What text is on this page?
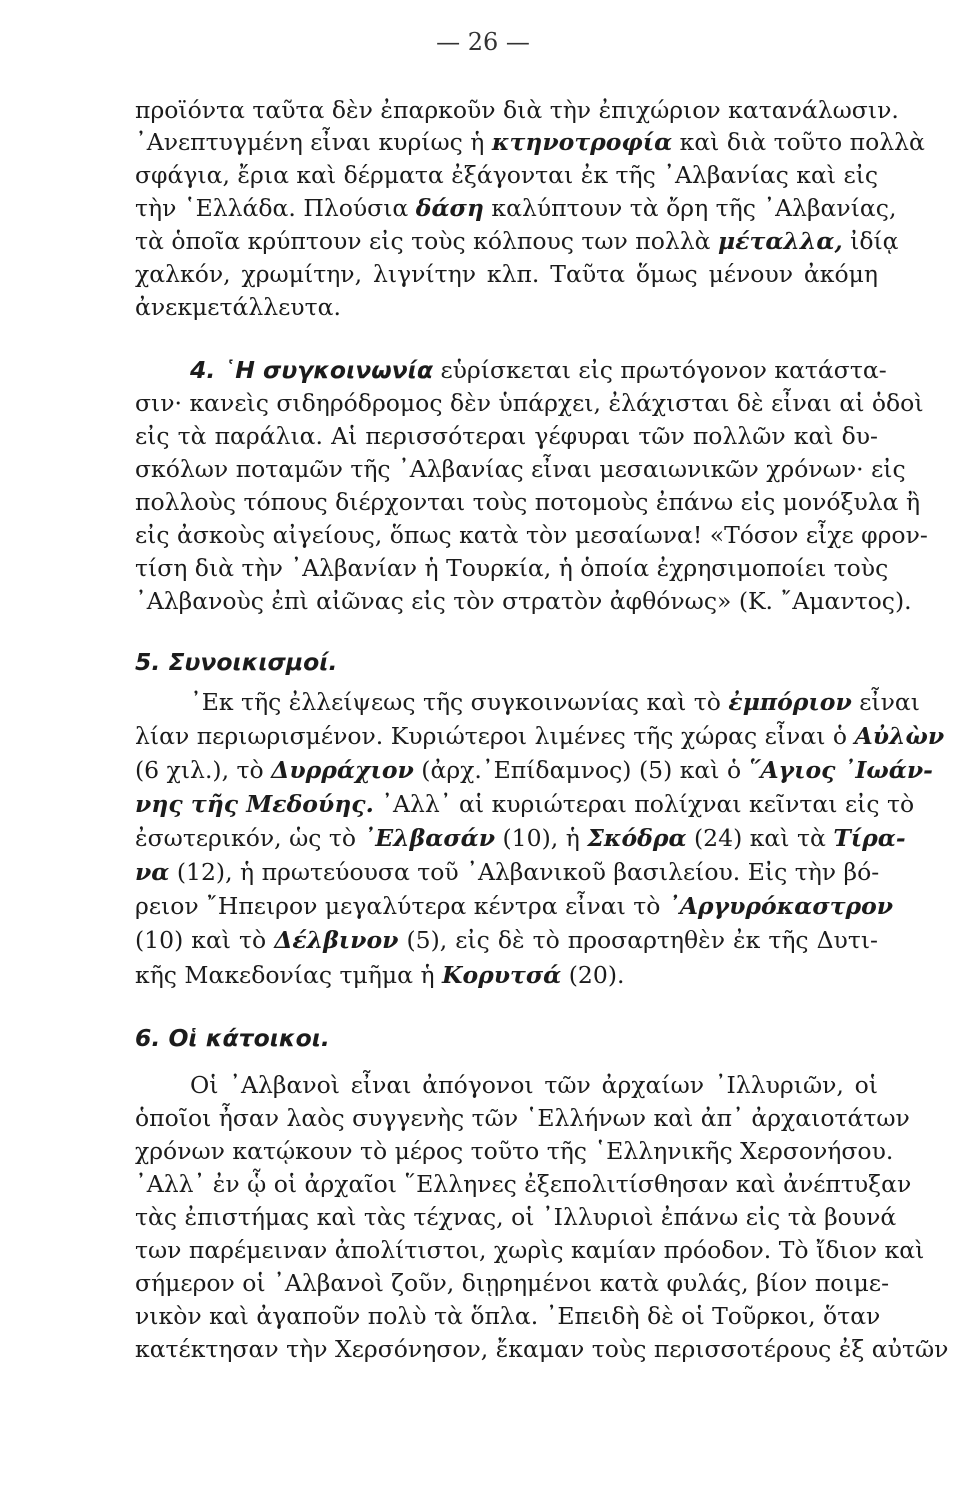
— 26 —
προϊόντα ταῦτα δὲν ἐπαρκοῦν διὰ τὴν ἐπιχώριον κατανάλωσιν.
᾿Ανεπτυγμένη εἶναι κυρίως ἡ κτηνοτροφία καὶ διὰ τοῦτο πολλὰ
σφάγια, ἔρια καὶ δέρματα ἐξάγονται ἐκ τῆς ᾿Αλβανίας καὶ εἰς
τὴν ῾Ελλάδα. Πλούσια δάση καλύπτουν τὰ ὄρη τῆς ᾿Αλβανίας,
τὰ ὁποῖα κρύπτουν εἰς τοὺς κόλπους των πολλὰ μέταλλα, ἰδίᾳ
χαλκόν, χρωμίτην, λιγνίτην κλπ. Ταῦτα ὅμως μένουν ἀκόμη
ἀνεκμετάλλευτα.
4. ῾Η συγκοινωνία εὑρίσκεται εἰς πρωτόγονον κατάστα-
σιν· κανεὶς σιδηρόδρομος δὲν ὑπάρχει, ἐλάχισται δὲ εἶναι αἱ ὁδοὶ
εἰς τὰ παράλια. Αἱ περισσότεραι γέφυραι τῶν πολλῶν καὶ δυ-
σκόλων ποταμῶν τῆς ᾿Αλβανίας εἶναι μεσαιωνικῶν χρόνων· εἰς
πολλοὺς τόπους διέρχονται τοὺς ποτομοὺς ἐπάνω εἰς μονόξυλα ἢ
εἰς ἀσκοὺς αἰγείους, ὅπως κατὰ τὸν μεσαίωνα! «Τόσον εἶχε φρον-
τίση διὰ τὴν ᾿Αλβανίαν ἡ Τουρκία, ἡ ὁποία ἐχρησιμοποίει τοὺς
᾿Αλβανοὺς ἐπὶ αἰῶνας εἰς τὸν στρατὸν ἀφθόνως» (Κ. ῎Αμαντος).
5. Συνοικισμοί.
᾿Εκ τῆς ἐλλείψεως τῆς συγκοινωνίας καὶ τὸ ἐμπόριον εἶναι
λίαν περιωρισμένον. Κυριώτεροι λιμένες τῆς χώρας εἶναι ὁ Αὐλὼν
(6 χιλ.), τὸ Δυρράχιον (ἀρχ.᾿Επίδαμνος) (5) καὶ ὁ ῞Αγιος ᾿Ιωάν-
νης τῆς Μεδούης. ᾿Αλλ᾿ αἱ κυριώτεραι πολίχναι κεῖνται εἰς τὸ
ἐσωτερικόν, ὡς τὸ ᾿Ελβασάν (10), ἡ Σκόδρα (24) καὶ τὰ Τίρα-
να (12), ἡ πρωτεύουσα τοῦ ᾿Αλβανικοῦ βασιλείου. Εἰς τὴν βό-
ρειον ῎Ηπειρον μεγαλύτερα κέντρα εἶναι τὸ ᾿Αργυρόκαστρον
(10) καὶ τὸ Δέλβινον (5), εἰς δὲ τὸ προσαρτηθὲν ἐκ τῆς Δυτι-
κῆς Μακεδονίας τμῆμα ἡ Κορυτσά (20).
6. Οἱ κάτοικοι.
Οἱ ᾿Αλβανοὶ εἶναι ἀπόγονοι τῶν ἀρχαίων ᾿Ιλλυριῶν, οἱ
ὁποῖοι ἦσαν λαὸς συγγενὴς τῶν ῾Ελλήνων καὶ ἀπ᾿ ἀρχαιοτάτων
χρόνων κατῴκουν τὸ μέρος τοῦτο τῆς ῾Ελληνικῆς Χερσονήσου.
᾿Αλλ᾿ ἐν ᾧ οἱ ἀρχαῖοι ῞Ελληνες ἐξεπολιτίσθησαν καὶ ἀνέπτυξαν
τὰς ἐπιστήμας καὶ τὰς τέχνας, οἱ ᾿Ιλλυριοὶ ἐπάνω εἰς τὰ βουνά
των παρέμειναν ἀπολίτιστοι, χωρὶς καμίαν πρόοδον. Τὸ ἴδιον καὶ
σήμερον οἱ ᾿Αλβανοὶ ζοῦν, διῃρημένοι κατὰ φυλάς, βίον ποιμε-
νικὸν καὶ ἀγαποῦν πολὺ τὰ ὅπλα. ᾿Επειδὴ δὲ οἱ Τοῦρκοι, ὅταν
κατέκτησαν τὴν Χερσόνησον, ἔκαμαν τοὺς περισσοτέρους ἐξ αὐτῶν
